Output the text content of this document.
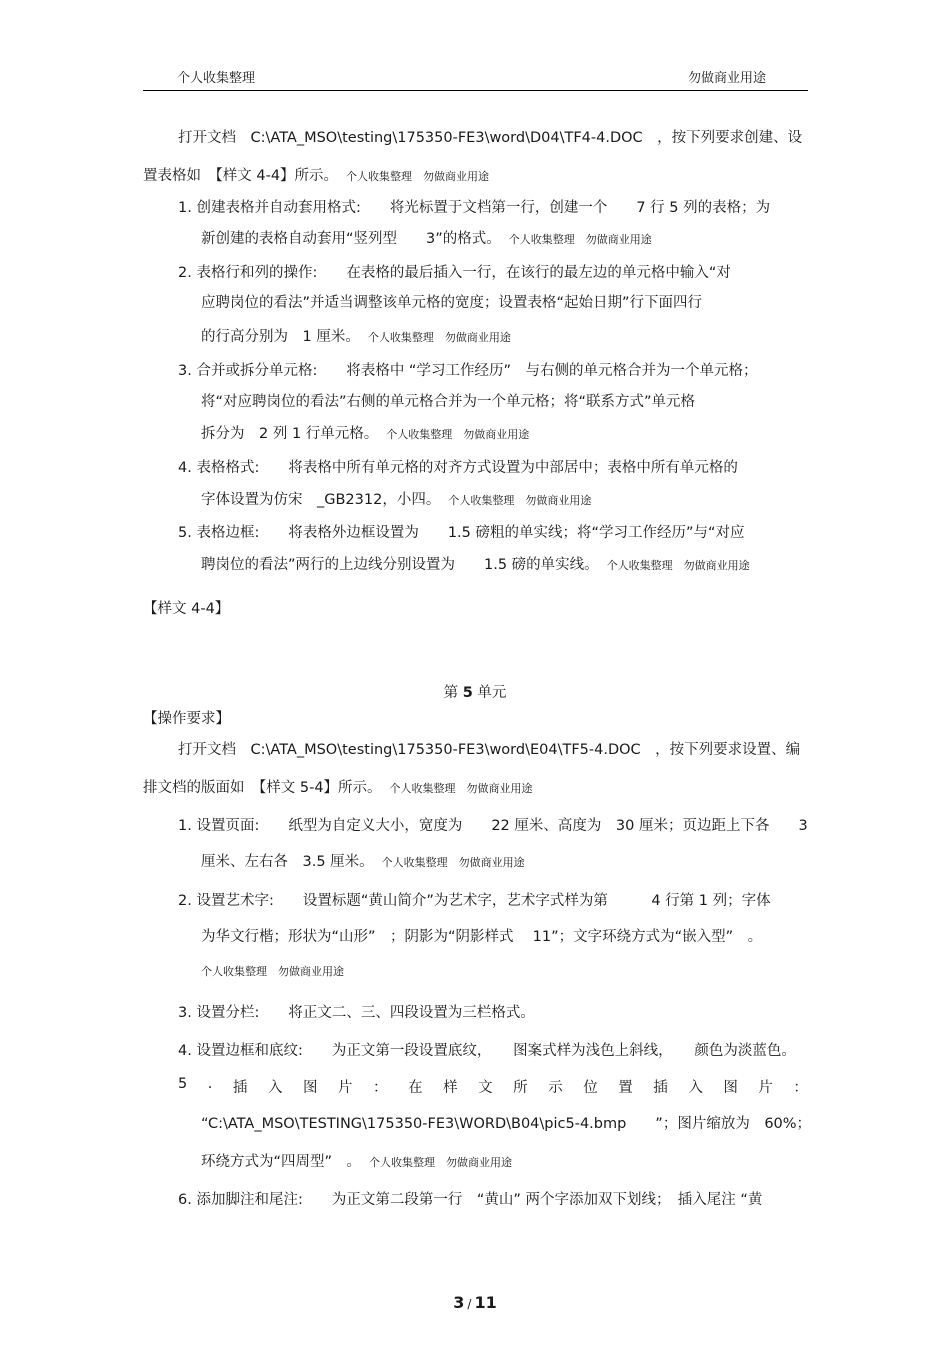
个人收集整理	勿做商业用途
打开文档　C:\ATA_MSO\testing\175350-FE3\word\D04\TF4-4.DOC　，按下列要求创建、设
置表格如　【样文 4-4】所示。 个人收集整理　勿做商业用途
1. 创建表格并自动套用格式:　　将光标置于文档第一行，创建一个　　7 行 5 列的表格；为
新创建的表格自动套用“竖列型　　3”的格式。 个人收集整理　勿做商业用途
2. 表格行和列的操作:　　在表格的最后插入一行，在该行的最左边的单元格中输入“对
应聘岗位的看法”并适当调整该单元格的宽度；设置表格“起始日期”行下面四行
的行高分别为　1 厘米。 个人收集整理　勿做商业用途
3. 合并或拆分单元格:　　将表格中 “学习工作经历”　与右侧的单元格合并为一个单元格；
将“对应聘岗位的看法”右侧的单元格合并为一个单元格；将“联系方式”单元格
拆分为　2 列 1 行单元格。 个人收集整理　勿做商业用途
4. 表格格式:　　将表格中所有单元格的对齐方式设置为中部居中；表格中所有单元格的
字体设置为仿宋　_GB2312，小四。 个人收集整理　勿做商业用途
5. 表格边框:　　将表格外边框设置为　　1.5 磅粗的单实线；将“学习工作经历”与“对应
聘岗位的看法”两行的上边线分别设置为　　1.5 磅的单实线。 个人收集整理　勿做商业用途
【样文 4-4】
第 5 单元
【操作要求】
打开文档　C:\ATA_MSO\testing\175350-FE3\word\E04\TF5-4.DOC　，按下列要求设置、编
排文档的版面如　【样文 5-4】所示。 个人收集整理　勿做商业用途
1. 设置页面:　　纸型为自定义大小，宽度为　　22 厘米、高度为　30 厘米；页边距上下各　　3
厘米、左右各　3.5 厘米。 个人收集整理　勿做商业用途
2. 设置艺术字:　　设置标题“黄山简介”为艺术字，艺术字式样为第　　　4 行第 1 列；字体
为华文行楷；形状为“山形”　；阴影为“阴影样式　 11”；文字环绕方式为“嵌入型”　。
个人收集整理　勿做商业用途
3. 设置分栏:　　将正文二、三、四段设置为三栏格式。
4. 设置边框和底纹:　　为正文第一段设置底纹，　　图案式样为浅色上斜线，　　颜色为淡蓝色。
5 . 插 入 图 片 ： 在 样 文 所 示 位 置 插 入 图 片 ：
“C:\ATA_MSO\TESTING\175350-FE3\WORD\B04\pic5-4.bmp　　”；图片缩放为　60%；
环绕方式为“四周型”　。 个人收集整理　勿做商业用途
6. 添加脚注和尾注:　　为正文第二段第一行　“黄山” 两个字添加双下划线；　插入尾注 “黄
3 / 11
